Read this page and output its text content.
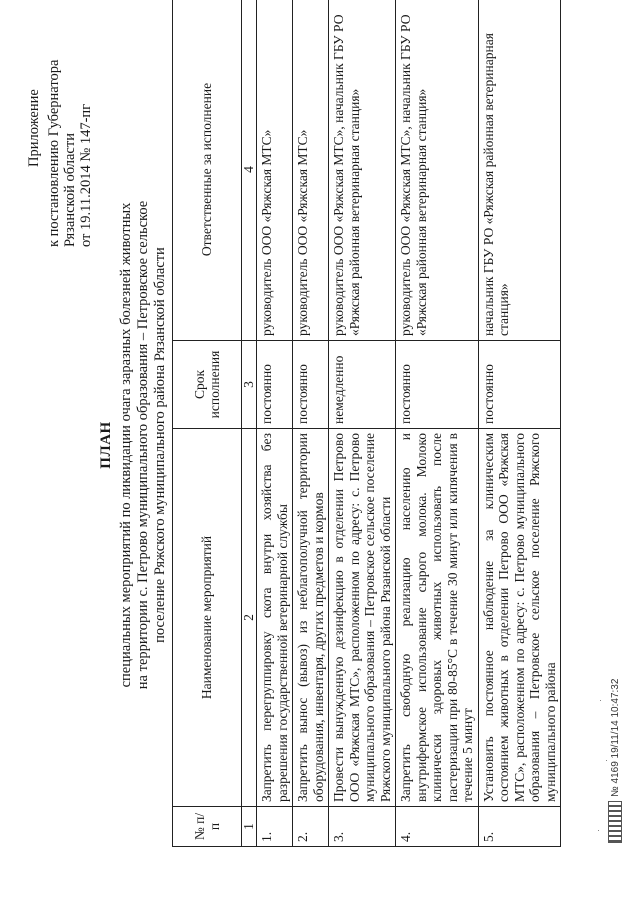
Приложение к постановлению Губернатора Рязанской области от 19.11.2014 № 147-пг
ПЛАН специальных мероприятий по ликвидации очага заразных болезней животных на территории с. Петрово муниципального образования – Петровское сельское поселение Ряжского муниципального района Рязанской области
№ п/п	Наименование мероприятий	Срок исполнения	Ответственные за исполнение
1	2	3	4
1.	Запретить перегруппировку скота внутри хозяйства без разрешения государственной ветеринарной службы	постоянно	руководитель ООО «Ряжская МТС»
2.	Запретить вынос (вывоз) из неблагополучной территории оборудования, инвентаря, других предметов и кормов	постоянно	руководитель ООО «Ряжская МТС»
3.	Провести вынужденную дезинфекцию в отделении Петрово ООО «Ряжская МТС», расположенном по адресу: с. Петрово муниципального образования – Петровское сельское поселение Ряжского муниципального района Рязанской области	немедленно	руководитель ООО «Ряжская МТС», начальник ГБУ РО «Ряжская районная ветеринарная станция»
4.	Запретить свободную реализацию населению и внутрифермское использование сырого молока. Молоко клинически здоровых животных использовать после пастеризации при 80-85°С в течение 30 минут или кипячения в течение 5 минут	постоянно	руководитель ООО «Ряжская МТС», начальник ГБУ РО «Ряжская районная ветеринарная станция»
5.	Установить постоянное наблюдение за клиническим состоянием животных в отделении Петрово ООО «Ряжская МТС», расположенном по адресу: с. Петрово муниципального образования – Петровское сельское поселение Ряжского муниципального района	постоянно	начальник ГБУ РО «Ряжская районная ветеринарная станция»
№ 4169 19/11/14 10:47:32
